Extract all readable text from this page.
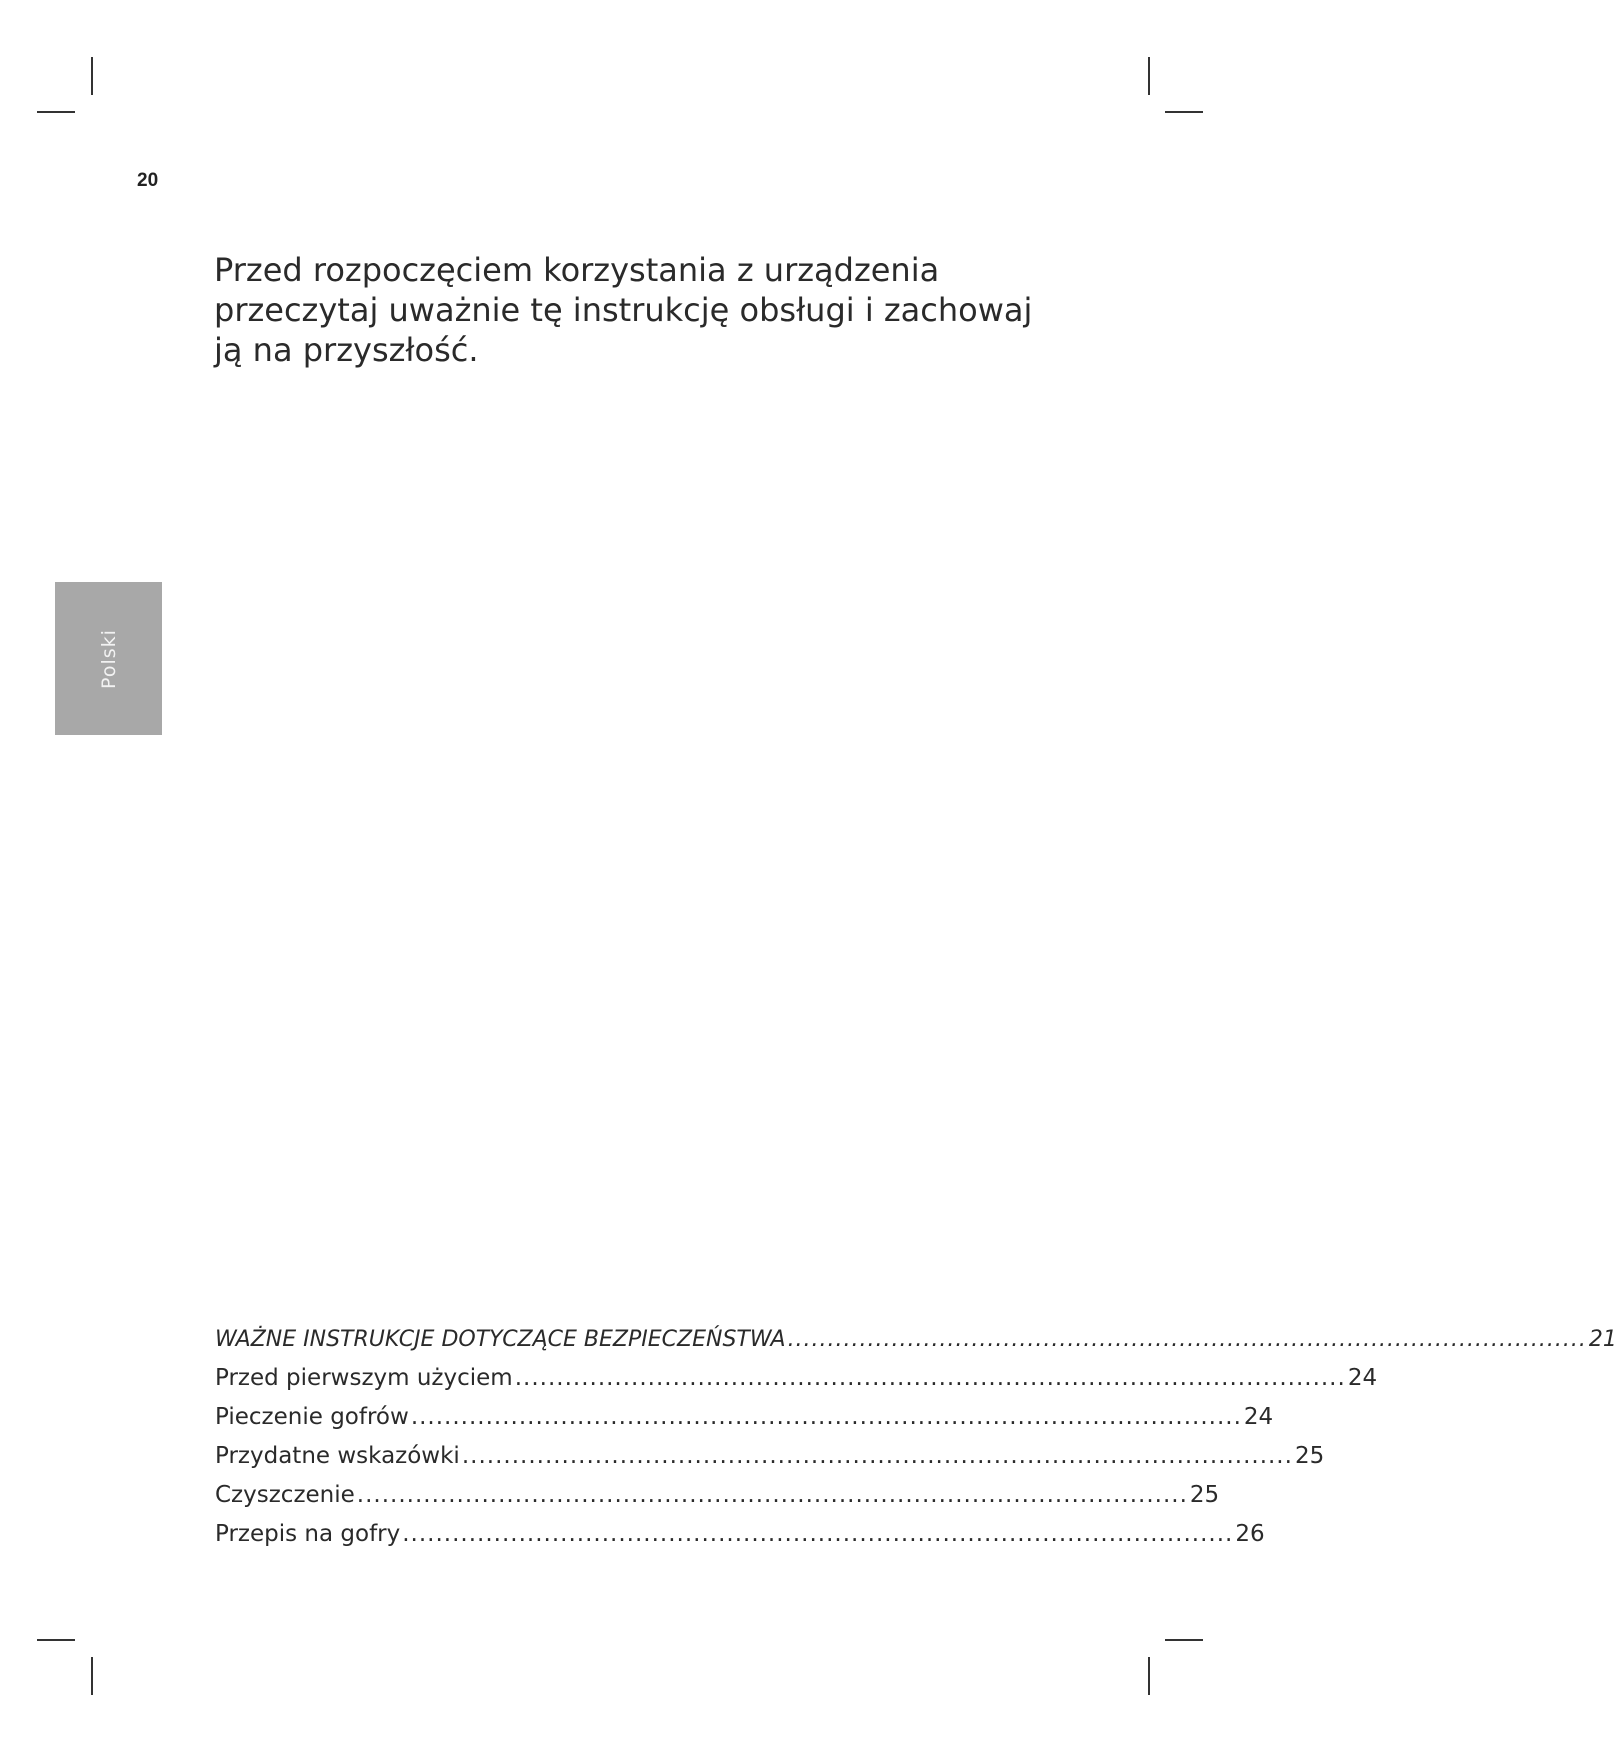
20

Przed rozpoczęciem korzystania z urządzenia przeczytaj uważnie tę instrukcję obsługi i zachowaj ją na przyszłość.

Polski
WAŻNE INSTRUKCJE DOTYCZĄCE BEZPIECZEŃSTWA .................................................................................................... 21
Przed pierwszym użyciem .................................................................................................... 24
Pieczenie gofrów .................................................................................................... 24
Przydatne wskazówki .................................................................................................... 25
Czyszczenie .................................................................................................... 25
Przepis na gofry .................................................................................................... 26
